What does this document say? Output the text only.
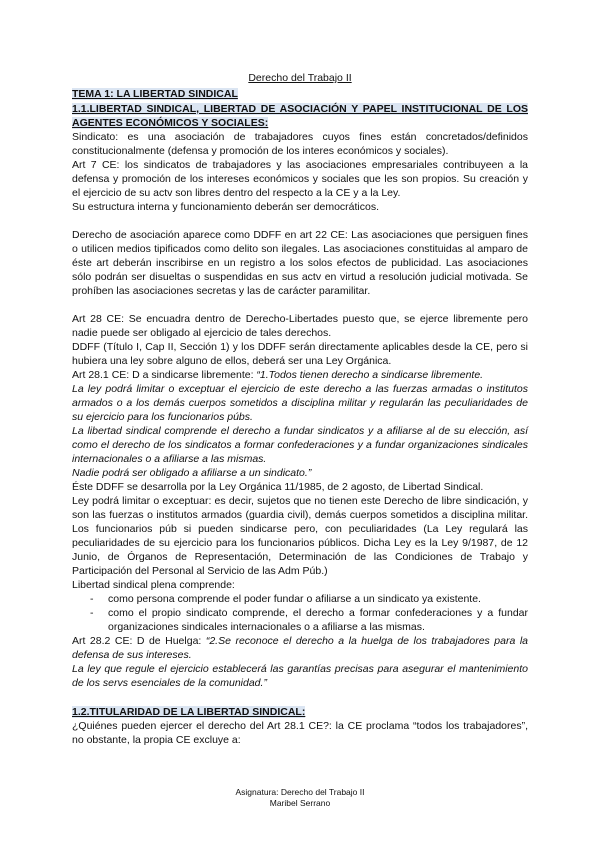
Derecho del Trabajo II
TEMA 1: LA LIBERTAD SINDICAL
1.1.LIBERTAD SINDICAL, LIBERTAD DE ASOCIACIÓN Y PAPEL INSTITUCIONAL DE LOS AGENTES ECONÓMICOS Y SOCIALES:

Sindicato: es una asociación de trabajadores cuyos fines están concretados/definidos constitucionalmente (defensa y promoción de los interes económicos y sociales).

Art 7 CE: los sindicatos de trabajadores y las asociaciones empresariales contribuyeen a la defensa y promoción de los intereses económicos y sociales que les son propios. Su creación y el ejercicio de su actv son libres dentro del respecto a la CE y a la Ley.

Su estructura interna y funcionamiento deberán ser democráticos.

Derecho de asociación aparece como DDFF en art 22 CE: Las asociaciones que persiguen fines o utilicen medios tipificados como delito son ilegales. Las asociaciones constituidas al amparo de éste art deberán inscribirse en un registro a los solos efectos de publicidad. Las asociaciones sólo podrán ser disueltas o suspendidas en sus actv en virtud a resolución judicial motivada. Se prohíben las asociaciones secretas y las de carácter paramilitar.

Art 28 CE: Se encuadra dentro de Derecho-Libertades puesto que, se ejerce libremente pero nadie puede ser obligado al ejercicio de tales derechos.

DDFF (Título I, Cap II, Sección 1) y los DDFF serán directamente aplicables desde la CE, pero si hubiera una ley sobre alguno de ellos, deberá ser una Ley Orgánica.

Art 28.1 CE: D a sindicarse libremente: “1.Todos tienen derecho a sindicarse libremente.

La ley podrá limitar o exceptuar el ejercicio de este derecho a las fuerzas armadas o institutos armados o a los demás cuerpos sometidos a disciplina militar y regularán las peculiaridades de su ejercicio para los funcionarios púbs.

La libertad sindical comprende el derecho a fundar sindicatos y a afiliarse al de su elección, así como el derecho de los sindicatos a formar confederaciones y a fundar organizaciones sindicales internacionales o a afiliarse a las mismas.

Nadie podrá ser obligado a afiliarse a un sindicato.”

Éste DDFF se desarrolla por la Ley Orgánica 11/1985, de 2 agosto, de Libertad Sindical.

Ley podrá limitar o exceptuar: es decir, sujetos que no tienen este Derecho de libre sindicación, y son las fuerzas o institutos armados (guardia civil), demás cuerpos sometidos a disciplina militar. Los funcionarios púb si pueden sindicarse pero, con peculiaridades (La Ley regulará las peculiaridades de su ejercicio para los funcionarios públicos. Dicha Ley es la Ley 9/1987, de 12 Junio, de Órganos de Representación, Determinación de las Condiciones de Trabajo y Participación del Personal al Servicio de las Adm Púb.)

Libertad sindical plena comprende:

- como persona comprende el poder fundar o afiliarse a un sindicato ya existente.
- como el propio sindicato comprende, el derecho a formar confederaciones y a fundar organizaciones sindicales internacionales o a afiliarse a las mismas.

Art 28.2 CE: D de Huelga: “2.Se reconoce el derecho a la huelga de los trabajadores para la defensa de sus intereses.

La ley que regule el ejercicio establecerá las garantías precisas para asegurar el mantenimiento de los servs esenciales de la comunidad.”

1.2.TITULARIDAD DE LA LIBERTAD SINDICAL:

¿Quiénes pueden ejercer el derecho del Art 28.1 CE?: la CE proclama “todos los trabajadores”, no obstante, la propia CE excluye a:

Asignatura: Derecho del Trabajo II
Maribel Serrano
